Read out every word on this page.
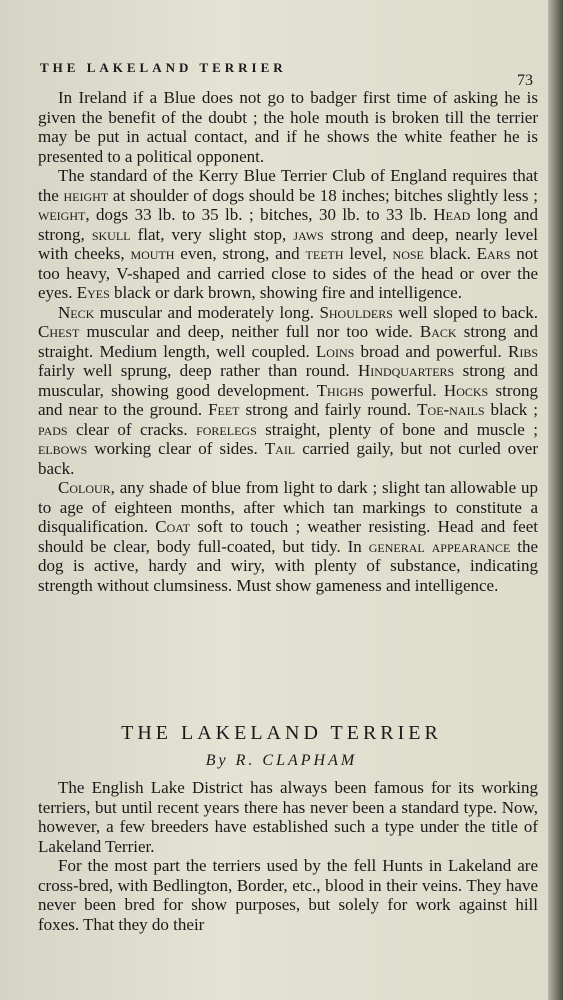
THE LAKELAND TERRIER
73

In Ireland if a Blue does not go to badger first time of asking he is given the benefit of the doubt ; the hole mouth is broken till the terrier may be put in actual contact, and if he shows the white feather he is presented to a political opponent.

The standard of the Kerry Blue Terrier Club of England requires that the height at shoulder of dogs should be 18 inches; bitches slightly less ; weight, dogs 33 lb. to 35 lb. ; bitches, 30 lb. to 33 lb. Head long and strong, skull flat, very slight stop, jaws strong and deep, nearly level with cheeks, mouth even, strong, and teeth level, nose black. Ears not too heavy, V-shaped and carried close to sides of the head or over the eyes. Eyes black or dark brown, showing fire and intelligence.

Neck muscular and moderately long. Shoulders well sloped to back. Chest muscular and deep, neither full nor too wide. Back strong and straight. Medium length, well coupled. Loins broad and powerful. Ribs fairly well sprung, deep rather than round. Hindquarters strong and muscular, showing good development. Thighs powerful. Hocks strong and near to the ground. Feet strong and fairly round. Toe-nails black ; pads clear of cracks. forelegs straight, plenty of bone and muscle ; elbows working clear of sides. Tail carried gaily, but not curled over back.

Colour, any shade of blue from light to dark ; slight tan allowable up to age of eighteen months, after which tan markings to constitute a disqualification. Coat soft to touch ; weather resisting. Head and feet should be clear, body full-coated, but tidy. In general appearance the dog is active, hardy and wiry, with plenty of substance, indicating strength without clumsiness. Must show gameness and intelligence.

THE LAKELAND TERRIER
By R. CLAPHAM

The English Lake District has always been famous for its working terriers, but until recent years there has never been a standard type. Now, however, a few breeders have established such a type under the title of Lakeland Terrier.

For the most part the terriers used by the fell Hunts in Lakeland are cross-bred, with Bedlington, Border, etc., blood in their veins. They have never been bred for show purposes, but solely for work against hill foxes. That they do their
